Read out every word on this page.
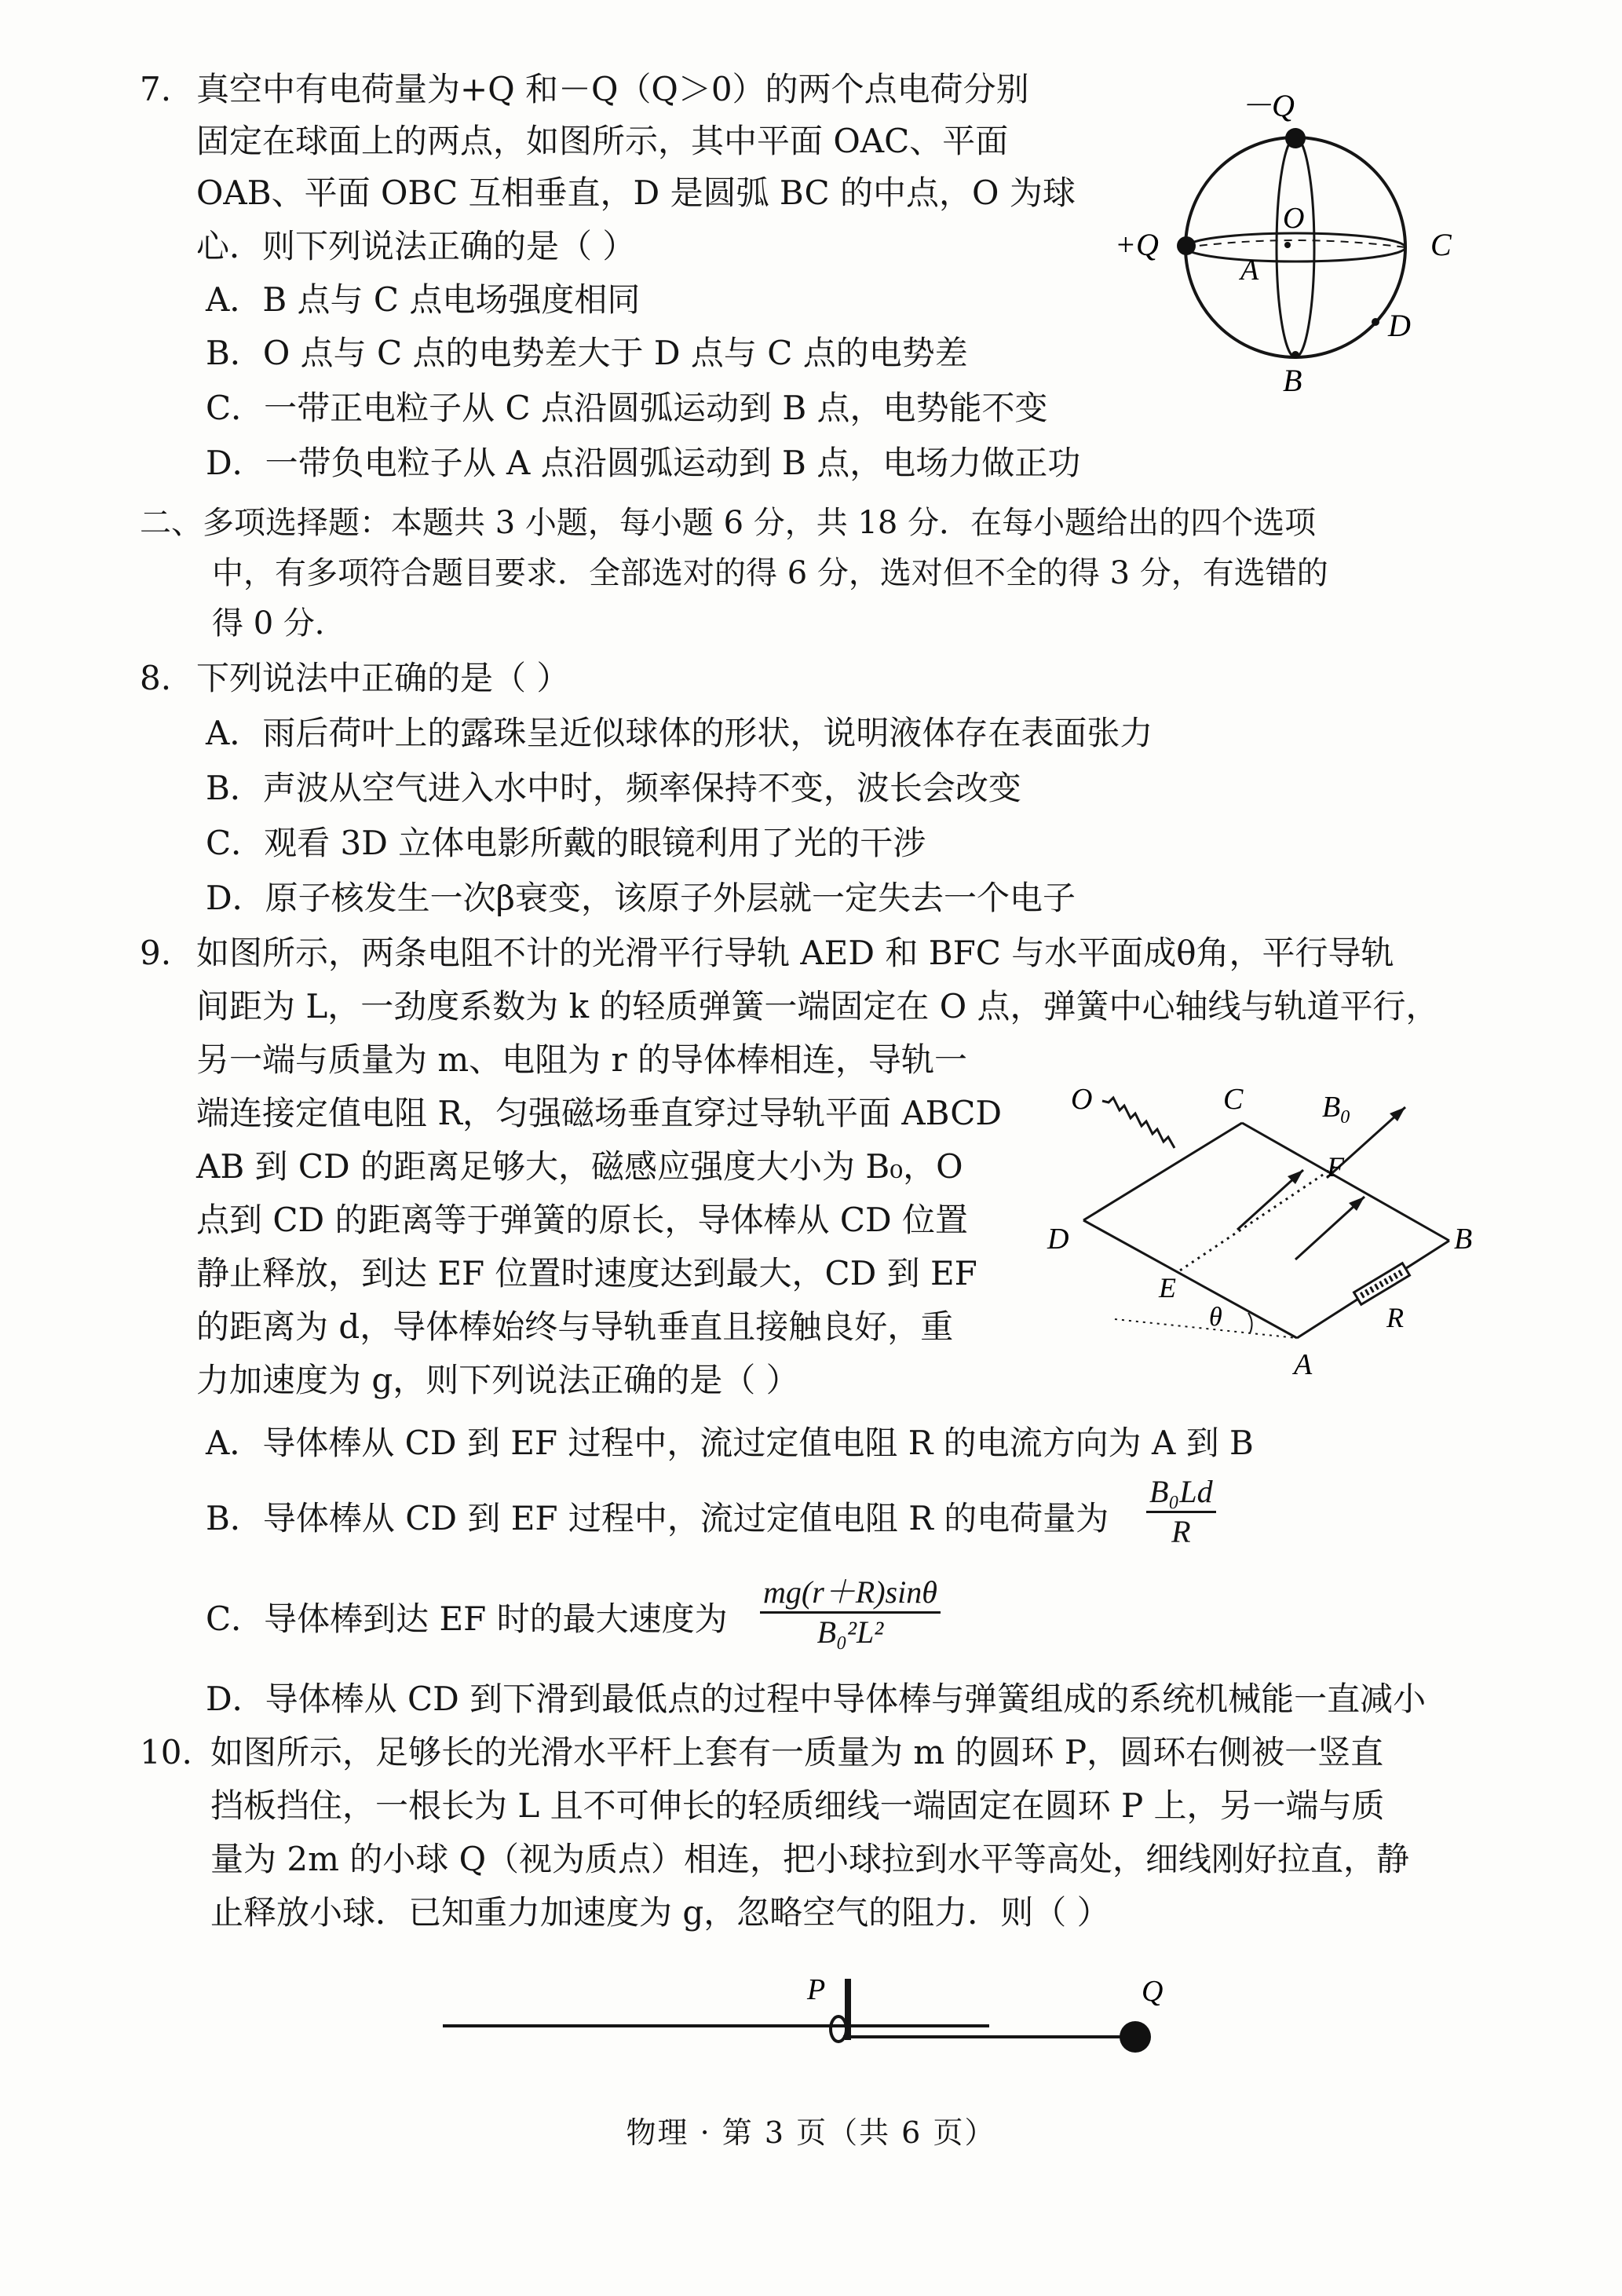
7. 真空中有电荷量为+Q 和－Q（Q＞0）的两个点电荷分别
固定在球面上的两点，如图所示，其中平面 OAC、平面
OAB、平面 OBC 互相垂直，D 是圆弧 BC 的中点，O 为球
心．则下列说法正确的是（ ）
A．B 点与 C 点电场强度相同
B．O 点与 C 点的电势差大于 D 点与 C 点的电势差
C．一带正电粒子从 C 点沿圆弧运动到 B 点，电势能不变
D．一带负电粒子从 A 点沿圆弧运动到 B 点，电场力做正功
－Q
+Q
O
A
C
D
B
二、多项选择题：本题共 3 小题，每小题 6 分，共 18 分．在每小题给出的四个选项
中，有多项符合题目要求．全部选对的得 6 分，选对但不全的得 3 分，有选错的
得 0 分．
8. 下列说法中正确的是（ ）
A．雨后荷叶上的露珠呈近似球体的形状，说明液体存在表面张力
B．声波从空气进入水中时，频率保持不变，波长会改变
C．观看 3D 立体电影所戴的眼镜利用了光的干涉
D．原子核发生一次β衰变，该原子外层就一定失去一个电子
9. 如图所示，两条电阻不计的光滑平行导轨 AED 和 BFC 与水平面成θ角，平行导轨
间距为 L，一劲度系数为 k 的轻质弹簧一端固定在 O 点，弹簧中心轴线与轨道平行，
另一端与质量为 m、电阻为 r 的导体棒相连，导轨一
端连接定值电阻 R，匀强磁场垂直穿过导轨平面 ABCD
AB 到 CD 的距离足够大，磁感应强度大小为 B₀，O
点到 CD 的距离等于弹簧的原长，导体棒从 CD 位置
静止释放，到达 EF 位置时速度达到最大，CD 到 EF
的距离为 d，导体棒始终与导轨垂直且接触良好，重
力加速度为 g，则下列说法正确的是（ ）
O	C	$B_0$
F
D	B
E
θ	R
A
A．导体棒从 CD 到 EF 过程中，流过定值电阻 R 的电流方向为 A 到 B
B．导体棒从 CD 到 EF 过程中，流过定值电阻 R 的电荷量为 $\frac{\text{B₀Ld}}{R}$
C．导体棒到达 EF 时的最大速度为 $\frac{mg(r+R)\sin\theta}{\text{B₀²L²}}$
D．导体棒从 CD 到下滑到最低点的过程中导体棒与弹簧组成的系统机械能一直减小
10. 如图所示，足够长的光滑水平杆上套有一质量为 m 的圆环 P，圆环右侧被一竖直
挡板挡住，一根长为 L 且不可伸长的轻质细线一端固定在圆环 P 上，另一端与质
量为 2m 的小球 Q（视为质点）相连，把小球拉到水平等高处，细线刚好拉直，静
止释放小球．已知重力加速度为 g，忽略空气的阻力．则（ ）
P	Q
物理 · 第 3 页（共 6 页）
